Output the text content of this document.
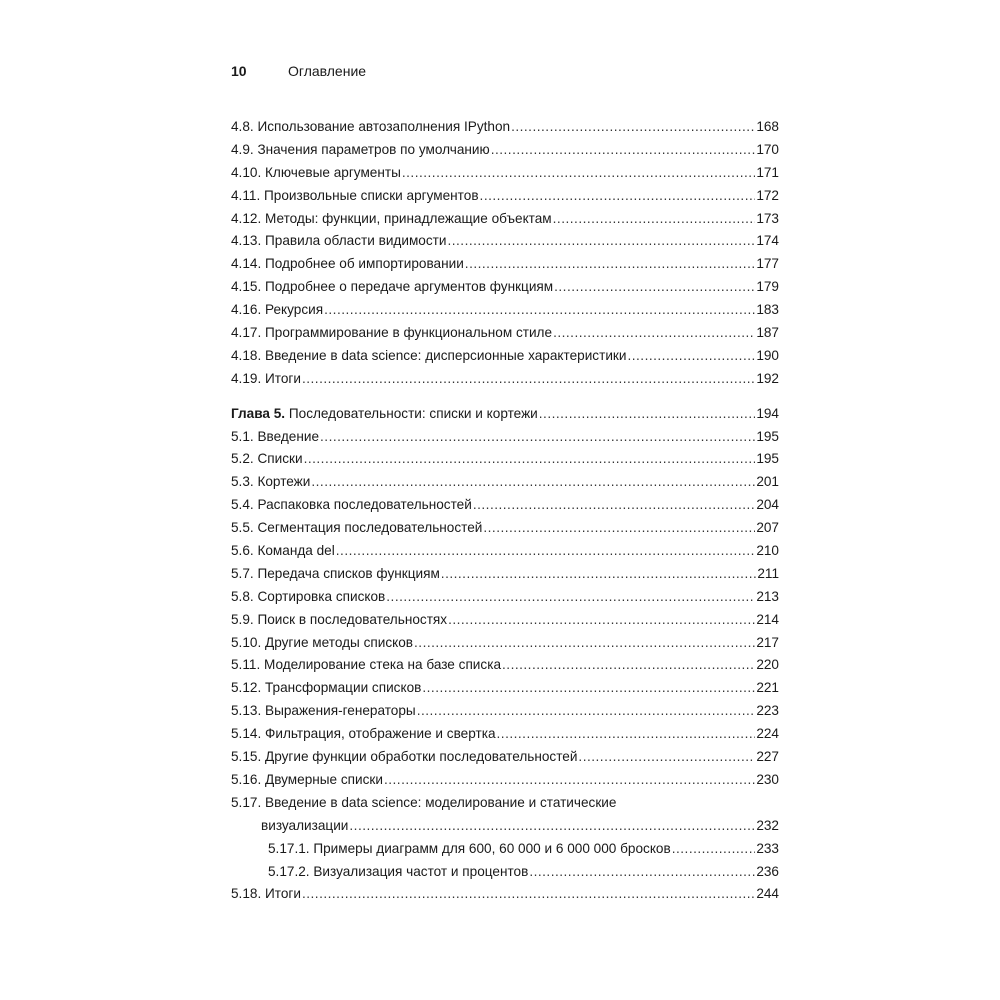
10	Оглавление
4.8. Использование автозаполнения IPython .....	168
4.9. Значения параметров по умолчанию .....	170
4.10. Ключевые аргументы .....	171
4.11. Произвольные списки аргументов .....	172
4.12. Методы: функции, принадлежащие объектам .....	173
4.13. Правила области видимости .....	174
4.14. Подробнее об импортировании .....	177
4.15. Подробнее о передаче аргументов функциям .....	179
4.16. Рекурсия .....	183
4.17. Программирование в функциональном стиле .....	187
4.18. Введение в data science: дисперсионные характеристики .....	190
4.19. Итоги .....	192
Глава 5. Последовательности: списки и кортежи .....	194
5.1. Введение .....	195
5.2. Списки .....	195
5.3. Кортежи .....	201
5.4. Распаковка последовательностей .....	204
5.5. Сегментация последовательностей .....	207
5.6. Команда del .....	210
5.7. Передача списков функциям .....	211
5.8. Сортировка списков .....	213
5.9. Поиск в последовательностях .....	214
5.10. Другие методы списков .....	217
5.11. Моделирование стека на базе списка .....	220
5.12. Трансформации списков .....	221
5.13. Выражения-генераторы .....	223
5.14. Фильтрация, отображение и свертка .....	224
5.15. Другие функции обработки последовательностей .....	227
5.16. Двумерные списки .....	230
5.17. Введение в data science: моделирование и статические
визуализации .....	232
5.17.1. Примеры диаграмм для 600, 60 000 и 6 000 000 бросков .....	233
5.17.2. Визуализация частот и процентов .....	236
5.18. Итоги .....	244
